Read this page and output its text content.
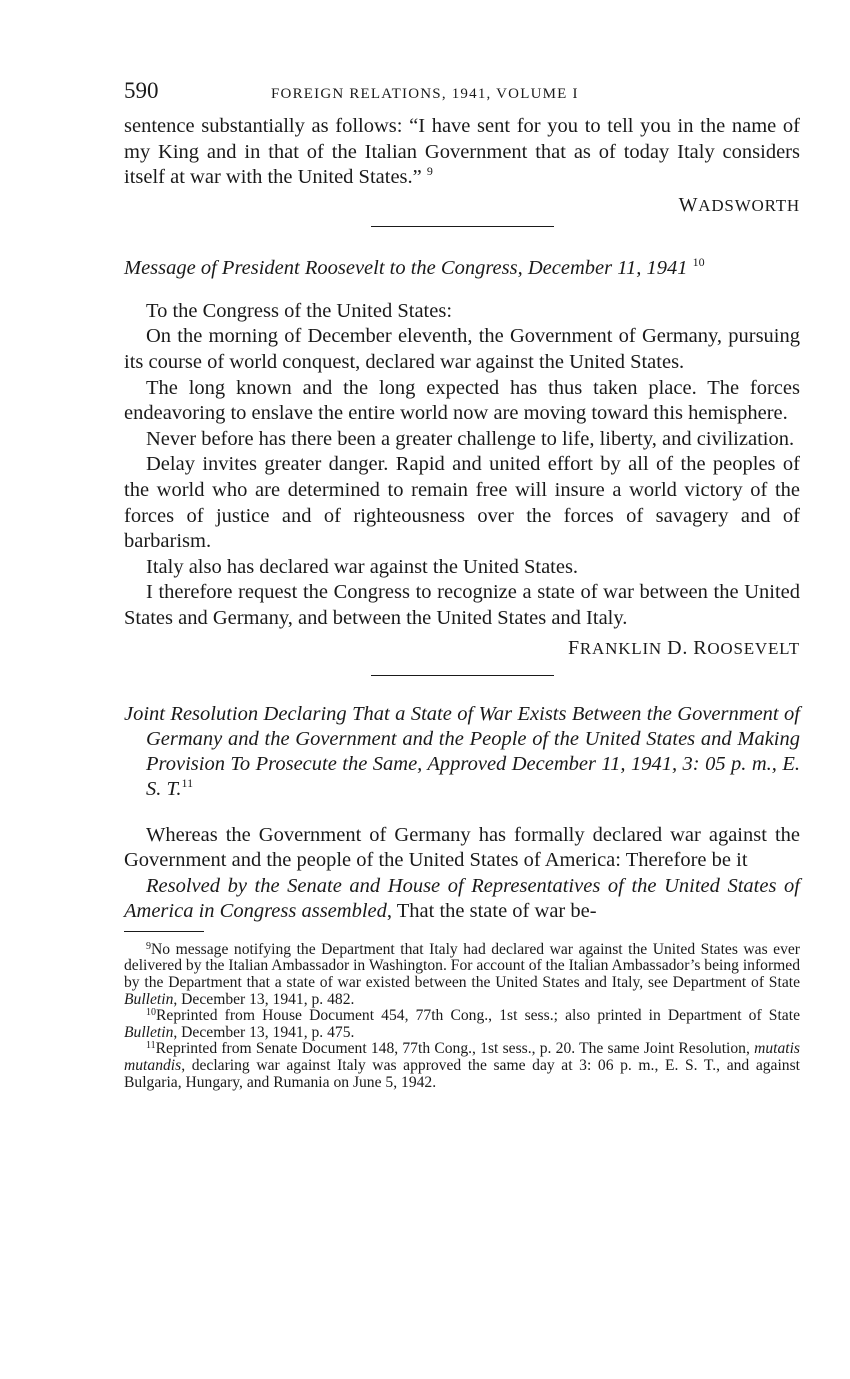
590	FOREIGN RELATIONS, 1941, VOLUME I

sentence substantially as follows: “I have sent for you to tell you in the name of my King and in that of the Italian Government that as of today Italy considers itself at war with the United States.” $^9$

WADSWORTH

Message of President Roosevelt to the Congress, December 11, 1941 $^{10}$

To the Congress of the United States:

On the morning of December eleventh, the Government of Germany, pursuing its course of world conquest, declared war against the United States.

The long known and the long expected has thus taken place. The forces endeavoring to enslave the entire world now are moving toward this hemisphere.

Never before has there been a greater challenge to life, liberty, and civilization.

Delay invites greater danger. Rapid and united effort by all of the peoples of the world who are determined to remain free will insure a world victory of the forces of justice and of righteousness over the forces of savagery and of barbarism.

Italy also has declared war against the United States.

I therefore request the Congress to recognize a state of war between the United States and Germany, and between the United States and Italy.

FRANKLIN D. ROOSEVELT

Joint Resolution Declaring That a State of War Exists Between the Government of Germany and the Government and the People of the United States and Making Provision To Prosecute the Same, Approved December 11, 1941, 3: 05 p. m., E. S. T.$^{11}$

Whereas the Government of Germany has formally declared war against the Government and the people of the United States of America: Therefore be it

Resolved by the Senate and House of Representatives of the United States of America in Congress assembled, That the state of war be-

$^9$No message notifying the Department that Italy had declared war against the United States was ever delivered by the Italian Ambassador in Washington. For account of the Italian Ambassador’s being informed by the Department that a state of war existed between the United States and Italy, see Department of State Bulletin, December 13, 1941, p. 482.

$^{10}$Reprinted from House Document 454, 77th Cong., 1st sess.; also printed in Department of State Bulletin, December 13, 1941, p. 475.

$^{11}$Reprinted from Senate Document 148, 77th Cong., 1st sess., p. 20. The same Joint Resolution, mutatis mutandis, declaring war against Italy was approved the same day at 3: 06 p. m., E. S. T., and against Bulgaria, Hungary, and Rumania on June 5, 1942.
